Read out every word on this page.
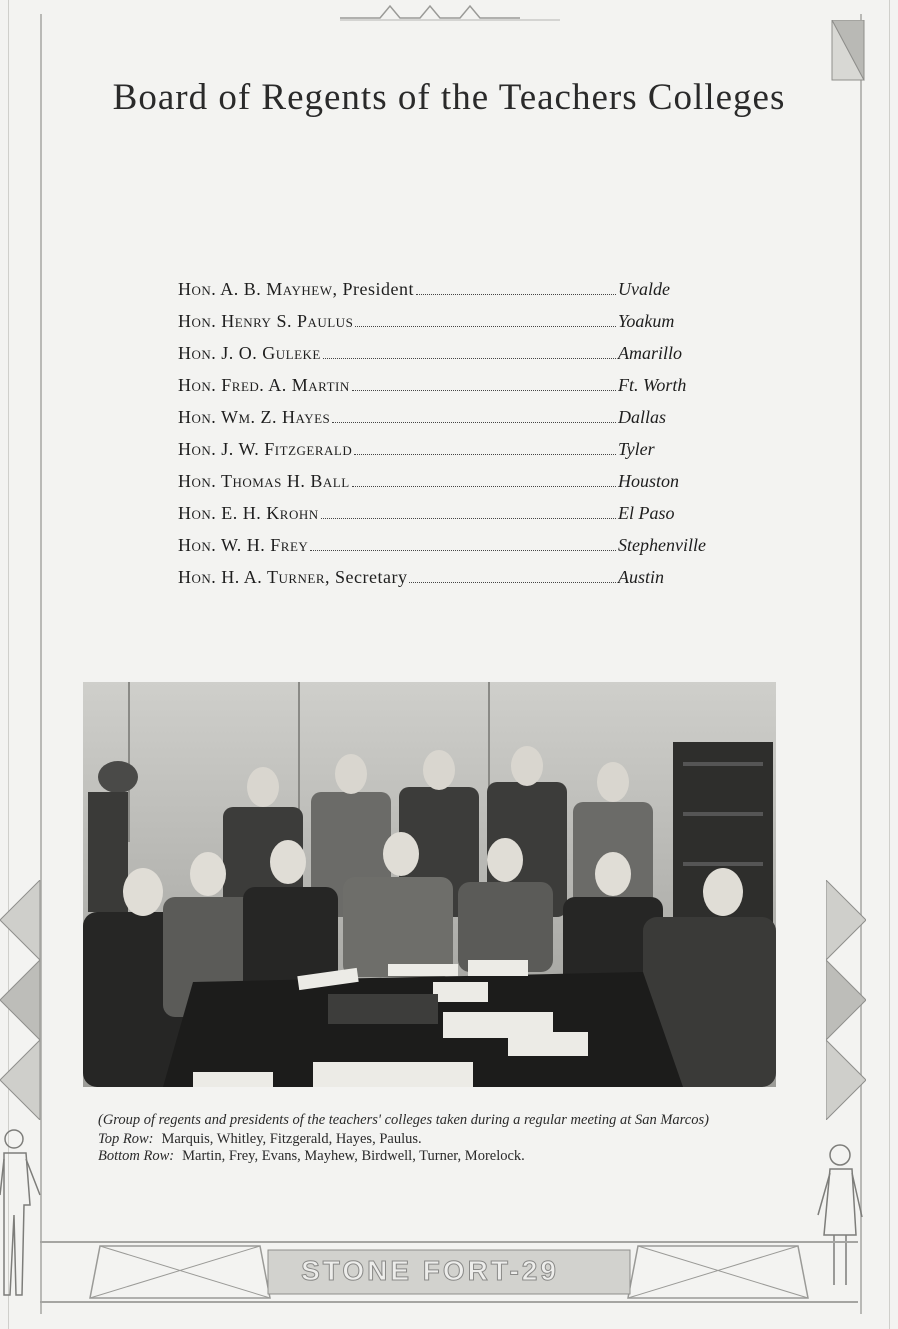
Board of Regents of the Teachers Colleges
Hon. A. B. Mayhew, President	Uvalde
Hon. Henry S. Paulus	Yoakum
Hon. J. O. Guleke	Amarillo
Hon. Fred. A. Martin	Ft. Worth
Hon. Wm. Z. Hayes	Dallas
Hon. J. W. Fitzgerald	Tyler
Hon. Thomas H. Ball	Houston
Hon. E. H. Krohn	El Paso
Hon. W. H. Frey	Stephenville
Hon. H. A. Turner, Secretary	Austin
(Group of regents and presidents of the teachers' colleges taken during a regular meeting at San Marcos)
Top Row: Marquis, Whitley, Fitzgerald, Hayes, Paulus.
Bottom Row: Martin, Frey, Evans, Mayhew, Birdwell, Turner, Morelock.
STONE FORT-29
